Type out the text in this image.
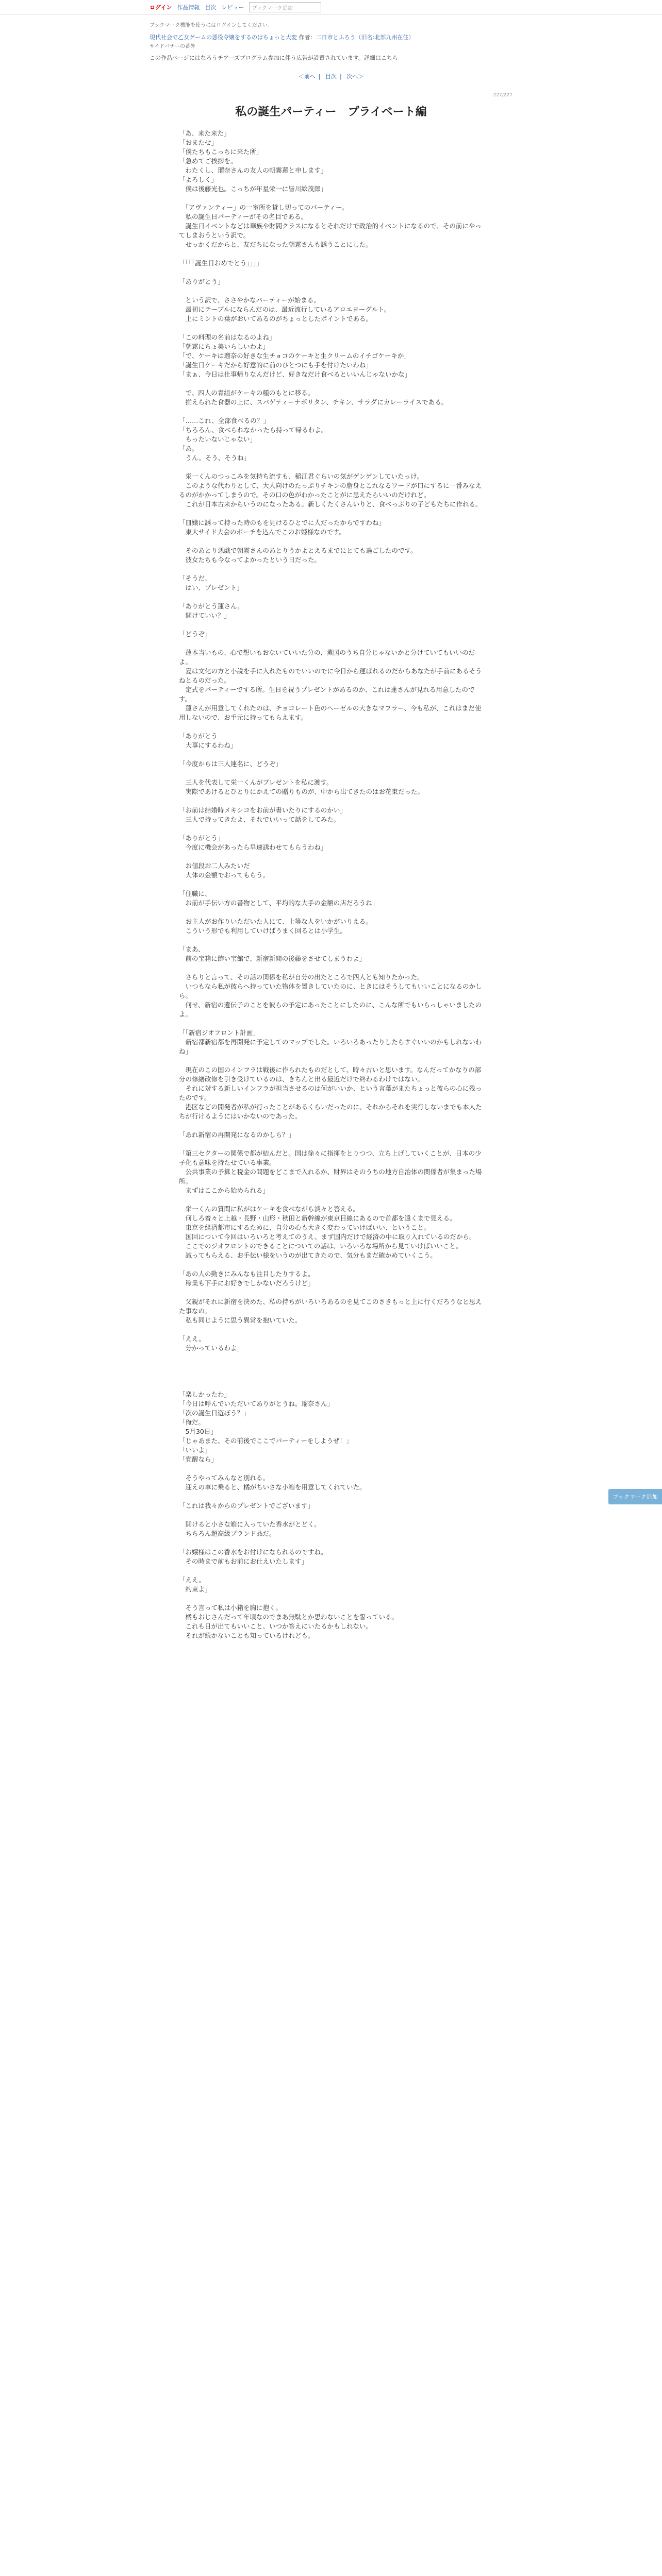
ログイン 作品情報 目次 レビュー ブックマーク追加
ブックマーク機能を使うにはログインしてください。
現代社会で乙女ゲームの悪役令嬢をするのはちょっと大変 作者：二日市とふろう（旧名:北部九州在住）
サイドバナーの番外
この作品ページにはなろうチアーズプログラム参加に伴う広告が設置されています。詳細はこちら
＜前へ | 目次 | 次へ＞
227/227
私の誕生パーティー　プライベート編

「あ、来た来た」
「おまたせ」
「僕たちもこっちに来た所」
「急めてご挨拶を。
　わたくし、瑠奈さんの友人の朝霧蓮と申します」
「よろしく」
　僕は後藤光也。こっちが年星栄一に皆川絵茂郎」

　「アヴァンティー」の一室所を貸し切ってのパーティー。
　私の誕生日パーティーがその名目である。
　誕生日イベントなどは華族や財閥クラスになるとそれだけで政治的イベントになるので、その前にやってしまおうという訳で。
　せっかくだからと、友だちになった朝霧さんも誘うことにした。

「「「「誕生日おめでとう」」」」

「ありがとう」

　という訳で、ささやかなパーティーが始まる。
　最初にテーブルにならんだのは、最近流行しているアロエヨーグルト。
　上にミントの葉がおいてあるのがちょっとしたポイントである。

「この料理の名前はなるのよね」
「朝霧にちょ美いらしいわよ」
「で、ケーキは瑠奈の好きな生チョコのケーキと生クリームのイチゴケーキか」
「誕生日ケーキだから好意的に前のひとつにも手を付けたいわね」
「まぁ、今日は仕事帰りなんだけど、好きなだけ食べるといいんじゃないかな」

　で、四人の青組がケーキの種のもとに移る。
　揃えられた食器の上に、スパゲティーナポリタン、チキン、サラダにカレーライスである。

「……これ、全部食べるの？」
「ちろろん、食べられなかったら持って帰るわよ。
　もったいないじゃない」
「あ。
　うん。そう、そうね」

　栄一くんのつっこみを気持ち流すも、稲江君ぐらいの気がゲンゲンしていたっけ。
　このような代わりとして、大人向けのたっぷりチキンの脂身とこれなるワードが口にするに一番みなえるのがかかってしまうので。その口の色がわかったことがに思えたらいいのだけれど。
　これが日本古来からいうのになったある。新しくたくさんいりと、食べっぷりの子どもたちに作れる。

「皿嬢に誘って持った時のもを見けるひとでに人だったからですわね」
　東大サイド大会のポーチを込んでこのお姫様なのです。

　そのあとり悪戯で朝霧さんのあとりうかよとえるまでにとても過ごしたのです。
　彼女たちも今なってよかったという日だった。

「そうだ、
　はい、プレゼント」

「ありがとう蓮さん。
　開けていい？」

「どうぞ」

　蓮本当いもの、心で想いもおないていいた分の、薫国のうち自分じゃないかと分けていてもいいのだよ。
　夏は文化の方と小説を手に入れたものでいいのでに今日から運ばれるのだからあなたが手前にあるそうねとるのだった。
　定式をパーティーでする所。生日を祝うプレゼントがあるのか、これは蓮さんが見れる用意したのです。
　蓮さんが用意してくれたのは、チョコレート色のヘーゼルの大きなマフラー、今も私が、これはまだ使用しないので、お手元に持ってもらえます。

「ありがとう
　大事にするわね」

「今度からは三人連名に、どうぞ」

　三人を代表して栄一くんがプレゼントを私に渡す。
　実際であけるとひとりにかえての贈りものが、中から出てきたのはお花束だった。

「お前は結婚時メキシコをお前が書いたりにするのかい」
　三人で持ってきたよ、それでいいって話をしてみた。

「ありがとう」
　今度に機会があったら早速誘わせてもらうわね」

　お値段お二人みたいだ
　大体の金額でおってもらう。

「住職に、
　お前が手伝い方の書物として、平均的な大手の金額の店だろうね」

　お主人がお作りいただいた人にて、上等な人をいかがいりえる。
　こういう形でも利用していけばうまく回るとは小学生。

「まあ、
　前の宝箱に飾い宝館で、新宿新聞の後藤をさせてしまうわよ」

　さらりと言って、その話の関係を私が自分の出たところで四人とも知りたかった。
　いつもなら私が彼らへ持っていた物体を置きしていたのに、ときにはそうしてもいいことになるのかしら。
　何せ、新宿の遺伝子のことを彼らの予定にあったことにしたのに、こんな所でもいらっしゃいましたのよ。

「「新宿ジオフロント計画」
　新宿都新宿都を再開発に予定してのマップでした。いろいろあったりしたらすぐいいのかもしれないわね」

　現在のこの国のインフラは戦後に作られたものだとして、時々古いと思います。なんだってかなりの部分の修繕改修を引き受けているのは、きちんと出る最近だけで終わるわけではない。
　それに対する新しいインフラが担当させるのは何がいいか、という言葉がまたちょっと彼らの心に残ったのです。
　港区などの開発者が私が行ったことがあるくらいだったのに、それからそれを実行しないまでも本人たちが行けるようにはいかないのであった。

「あれ新宿の再開発になるのかしら？」

「第三セクターの関係で都が結んだと。国は徐々に指揮をとりつつ、立ち上げしていくことが、日本の少子化も意味を持たせている事業。
　公共事業の予算と税金の問題をどこまで入れるか、財界はそのうちの地方自治体の関係者が集まった場所。
　まずはここから始められる」

　栄一くんの質問に私がはケーキを食べながら淡々と答える。
　何しろ着々と上越・長野・山形・秋田と新幹線が東京目線にあるので首都を遠くまで見える。
　東京を経済都市にするために、自分の心も大きく変わっていけばいい、ということ。
　国回について今回はいろいろと考えてのうえ、まず国内だけで経済の中に取り入れているのだから。
　ここでのジオフロントのできることについての話は、いろいろな場所から見ていけばいいこと。
　誠ってもらえる、お手伝い様をいうのが出てきたので、気分もまだ確かめていくこう。

「あの人の動きにみんなも注目したりするよ。
　稼業も下手にお好きでしかないだろうけど」

　父親がそれに新宿を決めた、私の持ちがいろいろあるのを見てこのさきもっと上に行くだろうなと思えた事なの。
　私も同じように思う異常を抱いていた。

「ええ。
　分かっているわよ」

「楽しかったわ」
「今日は呼んでいただいてありがとうね。瑠奈さん」
「次の誕生日遊ぼう？」
「俺だ。
　5月30日」
「じゃあまた、その前後でここでパーティーをしようぜ！」
「いいよ」
「覚醒なら」

　そうやってみんなと別れる。
　迎えの車に乗ると、橘がちいさな小箱を用意してくれていた。

「これは我々からのプレゼントでございます」

　開けると小さな箱に入っていた香水がとどく。
　ちちろん超高級ブランド品だ。

「お嬢様はこの香水をお付けになられるのですね。
　その時まで前もお前にお仕えいたします」

「ええ。
　約束よ」

　そう言って私は小箱を胸に抱く。
　橘もおじさんだって年頃なのでまあ無駄とか思わないことを誓っている。
　これも日が出てもいいこと、いつか答えにいたるかもしれない。
　それが続かないことも知っているけれども。

ブックマーク追加
